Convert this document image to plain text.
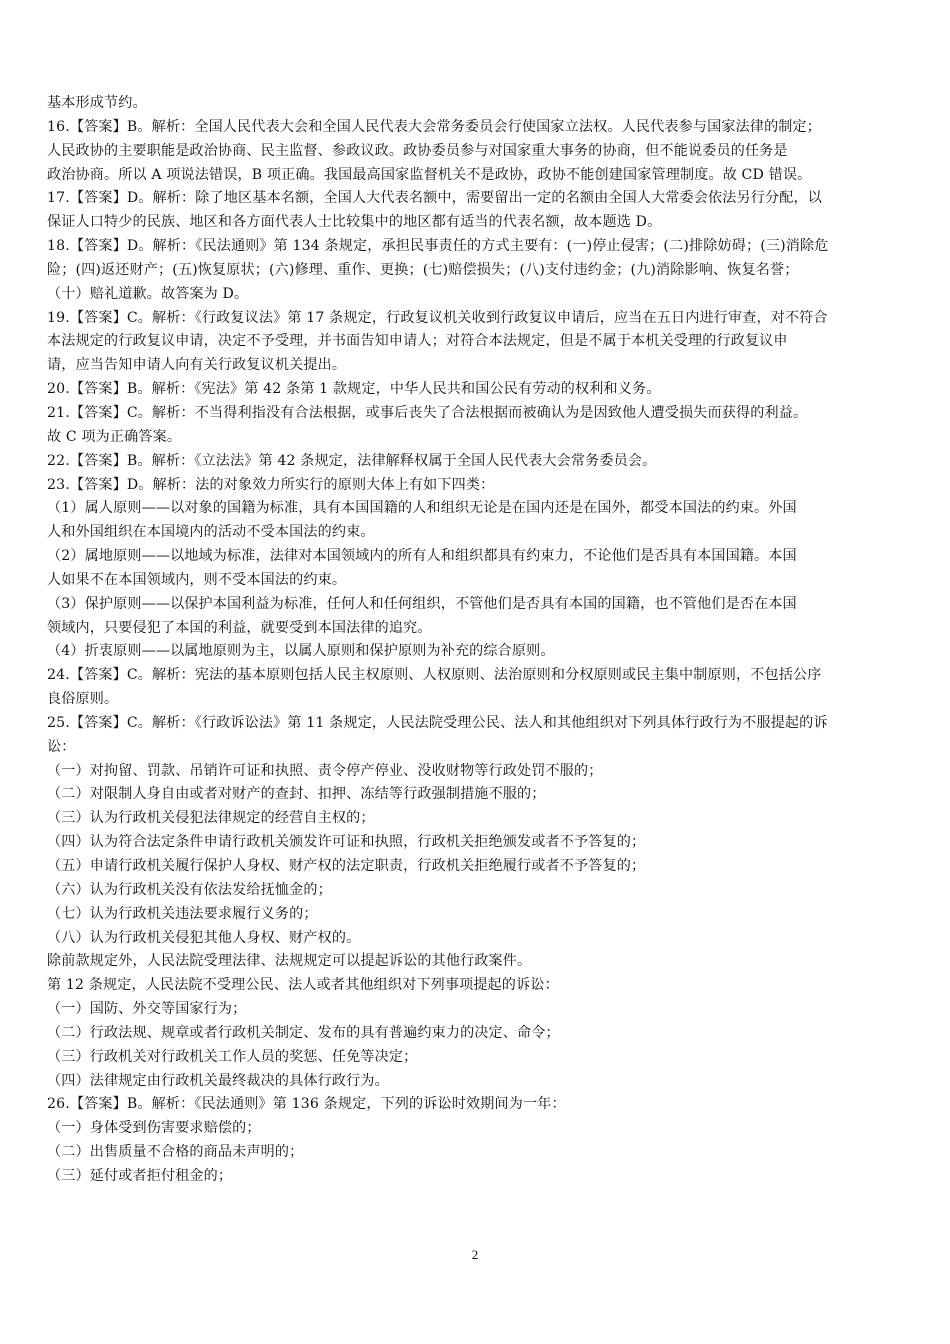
基本形成节约。
16.【答案】B。解析：全国人民代表大会和全国人民代表大会常务委员会行使国家立法权。人民代表参与国家法律的制定；
人民政协的主要职能是政治协商、民主监督、参政议政。政协委员参与对国家重大事务的协商，但不能说委员的任务是
政治协商。所以 A 项说法错误，B 项正确。我国最高国家监督机关不是政协，政协不能创建国家管理制度。故 CD 错误。
17.【答案】D。解析：除了地区基本名额，全国人大代表名额中，需要留出一定的名额由全国人大常委会依法另行分配，以
保证人口特少的民族、地区和各方面代表人士比较集中的地区都有适当的代表名额，故本题选 D。
18.【答案】D。解析：《民法通则》第 134 条规定，承担民事责任的方式主要有：(一)停止侵害；(二)排除妨碍；(三)消除危
险；(四)返还财产；(五)恢复原状；(六)修理、重作、更换；(七)赔偿损失；(八)支付违约金；(九)消除影响、恢复名誉；
（十）赔礼道歉。故答案为 D。
19.【答案】C。解析：《行政复议法》第 17 条规定，行政复议机关收到行政复议申请后，应当在五日内进行审查，对不符合
本法规定的行政复议申请，决定不予受理，并书面告知申请人；对符合本法规定，但是不属于本机关受理的行政复议申
请，应当告知申请人向有关行政复议机关提出。
20.【答案】B。解析：《宪法》第 42 条第 1 款规定，中华人民共和国公民有劳动的权利和义务。
21.【答案】C。解析：不当得利指没有合法根据，或事后丧失了合法根据而被确认为是因致他人遭受损失而获得的利益。
故 C 项为正确答案。
22.【答案】B。解析：《立法法》第 42 条规定，法律解释权属于全国人民代表大会常务委员会。
23.【答案】D。解析：法的对象效力所实行的原则大体上有如下四类：
（1）属人原则——以对象的国籍为标准，具有本国国籍的人和组织无论是在国内还是在国外，都受本国法的约束。外国
人和外国组织在本国境内的活动不受本国法的约束。
（2）属地原则——以地域为标准，法律对本国领域内的所有人和组织都具有约束力，不论他们是否具有本国国籍。本国
人如果不在本国领域内，则不受本国法的约束。
（3）保护原则——以保护本国利益为标准，任何人和任何组织，不管他们是否具有本国的国籍，也不管他们是否在本国
领域内，只要侵犯了本国的利益，就要受到本国法律的追究。
（4）折衷原则——以属地原则为主，以属人原则和保护原则为补充的综合原则。
24.【答案】C。解析：宪法的基本原则包括人民主权原则、人权原则、法治原则和分权原则或民主集中制原则，不包括公序
良俗原则。
25.【答案】C。解析：《行政诉讼法》第 11 条规定，人民法院受理公民、法人和其他组织对下列具体行政行为不服提起的诉
讼：
（一）对拘留、罚款、吊销许可证和执照、责令停产停业、没收财物等行政处罚不服的；
（二）对限制人身自由或者对财产的查封、扣押、冻结等行政强制措施不服的；
（三）认为行政机关侵犯法律规定的经营自主权的；
（四）认为符合法定条件申请行政机关颁发许可证和执照，行政机关拒绝颁发或者不予答复的；
（五）申请行政机关履行保护人身权、财产权的法定职责，行政机关拒绝履行或者不予答复的；
（六）认为行政机关没有依法发给抚恤金的；
（七）认为行政机关违法要求履行义务的；
（八）认为行政机关侵犯其他人身权、财产权的。
除前款规定外，人民法院受理法律、法规规定可以提起诉讼的其他行政案件。
第 12 条规定，人民法院不受理公民、法人或者其他组织对下列事项提起的诉讼：
（一）国防、外交等国家行为；
（二）行政法规、规章或者行政机关制定、发布的具有普遍约束力的决定、命令；
（三）行政机关对行政机关工作人员的奖惩、任免等决定；
（四）法律规定由行政机关最终裁决的具体行政行为。
26.【答案】B。解析：《民法通则》第 136 条规定，下列的诉讼时效期间为一年：
（一）身体受到伤害要求赔偿的；
（二）出售质量不合格的商品未声明的；
（三）延付或者拒付租金的；
2
